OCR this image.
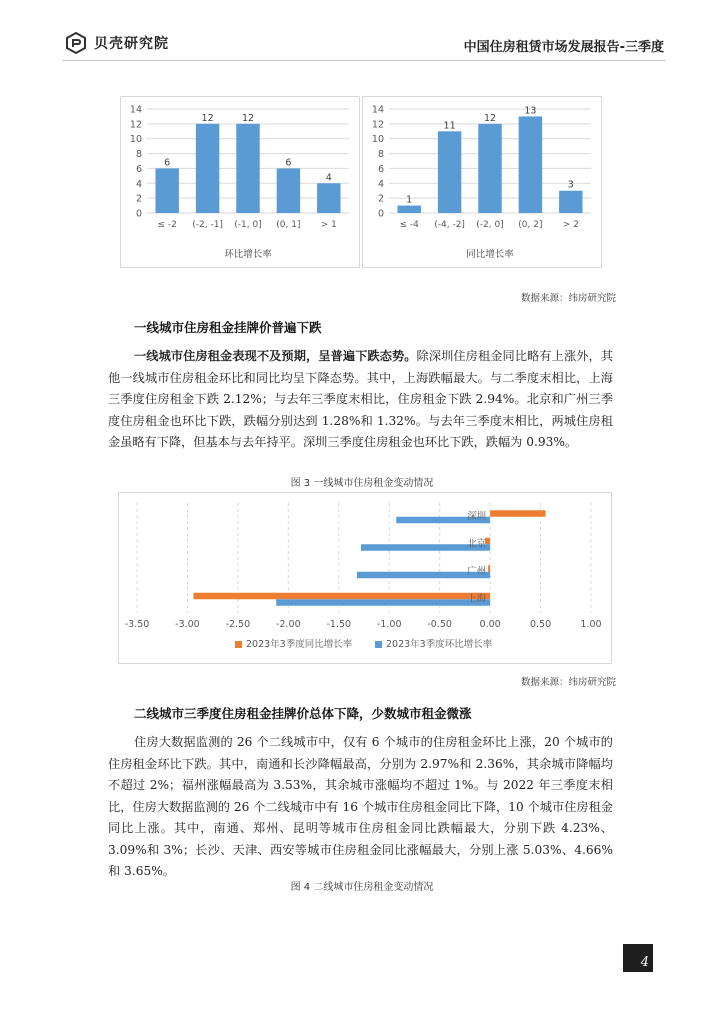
贝壳研究院	中国住房租赁市场发展报告-三季度
0
2
4
6
8
10
12
14
6
≤ -2
12
(-2, -1]
12
(-1, 0]
6
(0, 1]
4
> 1
环比增长率
0
2
4
6
8
10
12
14
1
≤ -4
11
(-4, -2]
12
(-2, 0]
13
(0, 2]
3
> 2
同比增长率
数据来源：纬房研究院
一线城市住房租金挂牌价普遍下跌
一线城市住房租金表现不及预期，呈普遍下跌态势。除深圳住房租金同比略有上涨外，其他一线城市住房租金环比和同比均呈下降态势。其中，上海跌幅最大。与二季度末相比，上海三季度住房租金下跌 2.12%；与去年三季度末相比，住房租金下跌 2.94%。北京和广州三季度住房租金也环比下跌，跌幅分别达到 1.28%和 1.32%。与去年三季度末相比，两城住房租金虽略有下降，但基本与去年持平。深圳三季度住房租金也环比下跌，跌幅为 0.93%。
图 3 一线城市住房租金变动情况
-3.50	-3.00	-2.50	-2.00	-1.50	-1.00	-0.50	0.00	0.50	1.00
深圳
北京
广州
上海
2023年3季度同比增长率	2023年3季度环比增长率
数据来源：纬房研究院
二线城市三季度住房租金挂牌价总体下降，少数城市租金微涨
住房大数据监测的 26 个二线城市中，仅有 6 个城市的住房租金环比上涨，20 个城市的住房租金环比下跌。其中，南通和长沙降幅最高，分别为 2.97%和 2.36%，其余城市降幅均不超过 2%；福州涨幅最高为 3.53%，其余城市涨幅均不超过 1%。与 2022 年三季度末相比，住房大数据监测的 26 个二线城市中有 16 个城市住房租金同比下降，10 个城市住房租金同比上涨。其中，南通、郑州、昆明等城市住房租金同比跌幅最大，分别下跌 4.23%、3.09%和 3%；长沙、天津、西安等城市住房租金同比涨幅最大，分别上涨 5.03%、4.66%和 3.65%。
图 4 二线城市住房租金变动情况
4
